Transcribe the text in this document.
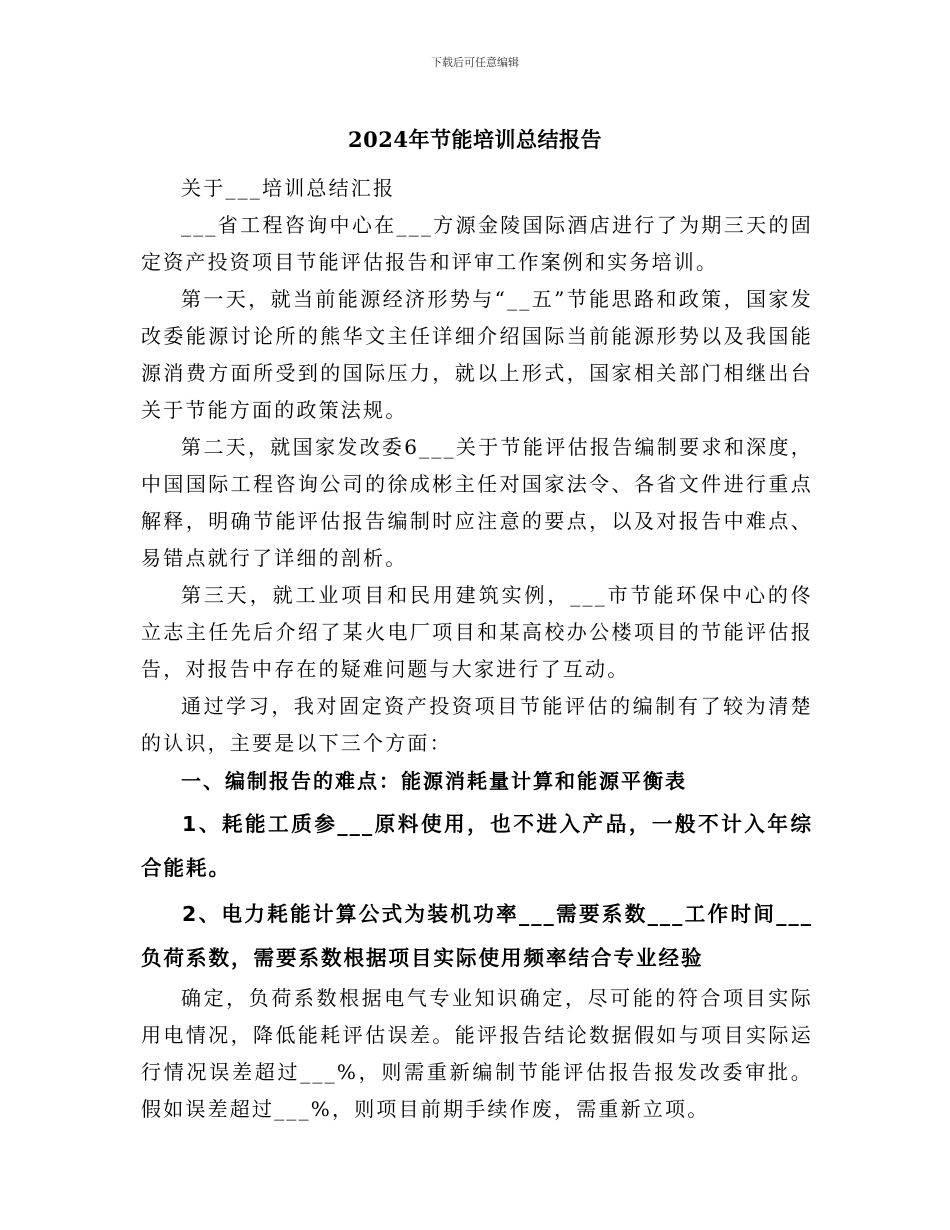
下载后可任意编辑
2024年节能培训总结报告

关于___培训总结汇报

___省工程咨询中心在___方源金陵国际酒店进行了为期三天的固定资产投资项目节能评估报告和评审工作案例和实务培训。

第一天，就当前能源经济形势与“__五”节能思路和政策，国家发改委能源讨论所的熊华文主任详细介绍国际当前能源形势以及我国能源消费方面所受到的国际压力，就以上形式，国家相关部门相继出台关于节能方面的政策法规。

第二天，就国家发改委6___关于节能评估报告编制要求和深度，中国国际工程咨询公司的徐成彬主任对国家法令、各省文件进行重点解释，明确节能评估报告编制时应注意的要点，以及对报告中难点、易错点就行了详细的剖析。

第三天，就工业项目和民用建筑实例，___市节能环保中心的佟立志主任先后介绍了某火电厂项目和某高校办公楼项目的节能评估报告，对报告中存在的疑难问题与大家进行了互动。

通过学习，我对固定资产投资项目节能评估的编制有了较为清楚的认识，主要是以下三个方面：

一、编制报告的难点：能源消耗量计算和能源平衡表

1、耗能工质参___原料使用，也不进入产品，一般不计入年综合能耗。

2、电力耗能计算公式为装机功率___需要系数___工作时间___负荷系数，需要系数根据项目实际使用频率结合专业经验

确定，负荷系数根据电气专业知识确定，尽可能的符合项目实际用电情况，降低能耗评估误差。能评报告结论数据假如与项目实际运行情况误差超过___%，则需重新编制节能评估报告报发改委审批。假如误差超过___%，则项目前期手续作废，需重新立项。
